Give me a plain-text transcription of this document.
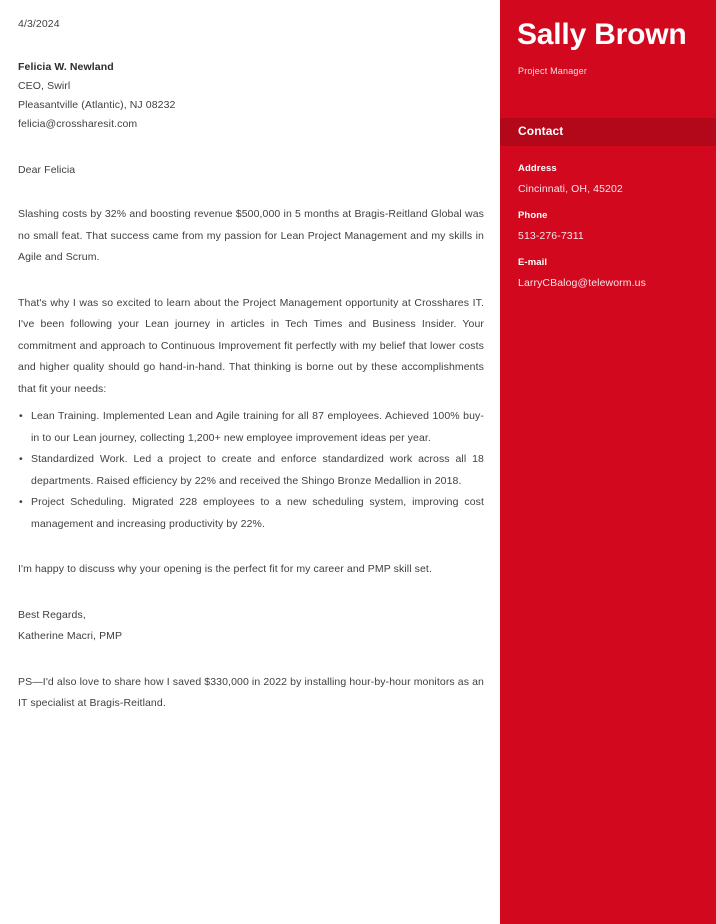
4/3/2024
Felicia W. Newland
CEO, Swirl
Pleasantville (Atlantic), NJ 08232
felicia@crossharesit.com
Dear Felicia

Slashing costs by 32% and boosting revenue $500,000 in 5 months at Bragis-Reitland Global was no small feat. That success came from my passion for Lean Project Management and my skills in Agile and Scrum.

That's why I was so excited to learn about the Project Management opportunity at Crosshares IT. I've been following your Lean journey in articles in Tech Times and Business Insider. Your commitment and approach to Continuous Improvement fit perfectly with my belief that lower costs and higher quality should go hand-in-hand. That thinking is borne out by these accomplishments that fit your needs:

• Lean Training. Implemented Lean and Agile training for all 87 employees. Achieved 100% buy-in to our Lean journey, collecting 1,200+ new employee improvement ideas per year.
• Standardized Work. Led a project to create and enforce standardized work across all 18 departments. Raised efficiency by 22% and received the Shingo Bronze Medallion in 2018.
• Project Scheduling. Migrated 228 employees to a new scheduling system, improving cost management and increasing productivity by 22%.

I'm happy to discuss why your opening is the perfect fit for my career and PMP skill set.

Best Regards,
Katherine Macri, PMP

PS—I'd also love to share how I saved $330,000 in 2022 by installing hour-by-hour monitors as an IT specialist at Bragis-Reitland.

Sally Brown
Project Manager
Contact
Address
Cincinnati, OH, 45202
Phone
513-276-7311
E-mail
LarryCBalog@teleworm.us
